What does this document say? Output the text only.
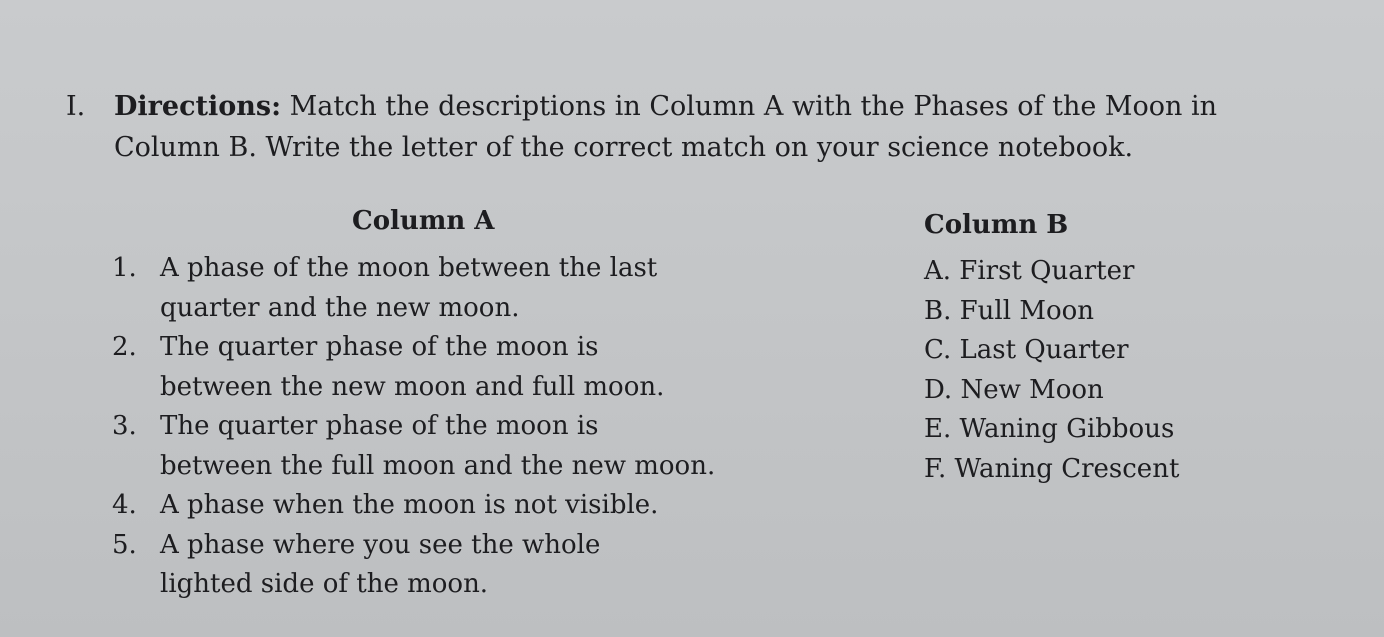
I. Directions: Match the descriptions in Column A with the Phases of the Moon in
Column B. Write the letter of the correct match on your science notebook.
Column A	Column B
1. A phase of the moon between the last
quarter and the new moon.
2. The quarter phase of the moon is
between the new moon and full moon.
3. The quarter phase of the moon is
between the full moon and the new moon.
4. A phase when the moon is not visible.
5. A phase where you see the whole
lighted side of the moon.
A. First Quarter
B. Full Moon
C. Last Quarter
D. New Moon
E. Waning Gibbous
F. Waning Crescent
